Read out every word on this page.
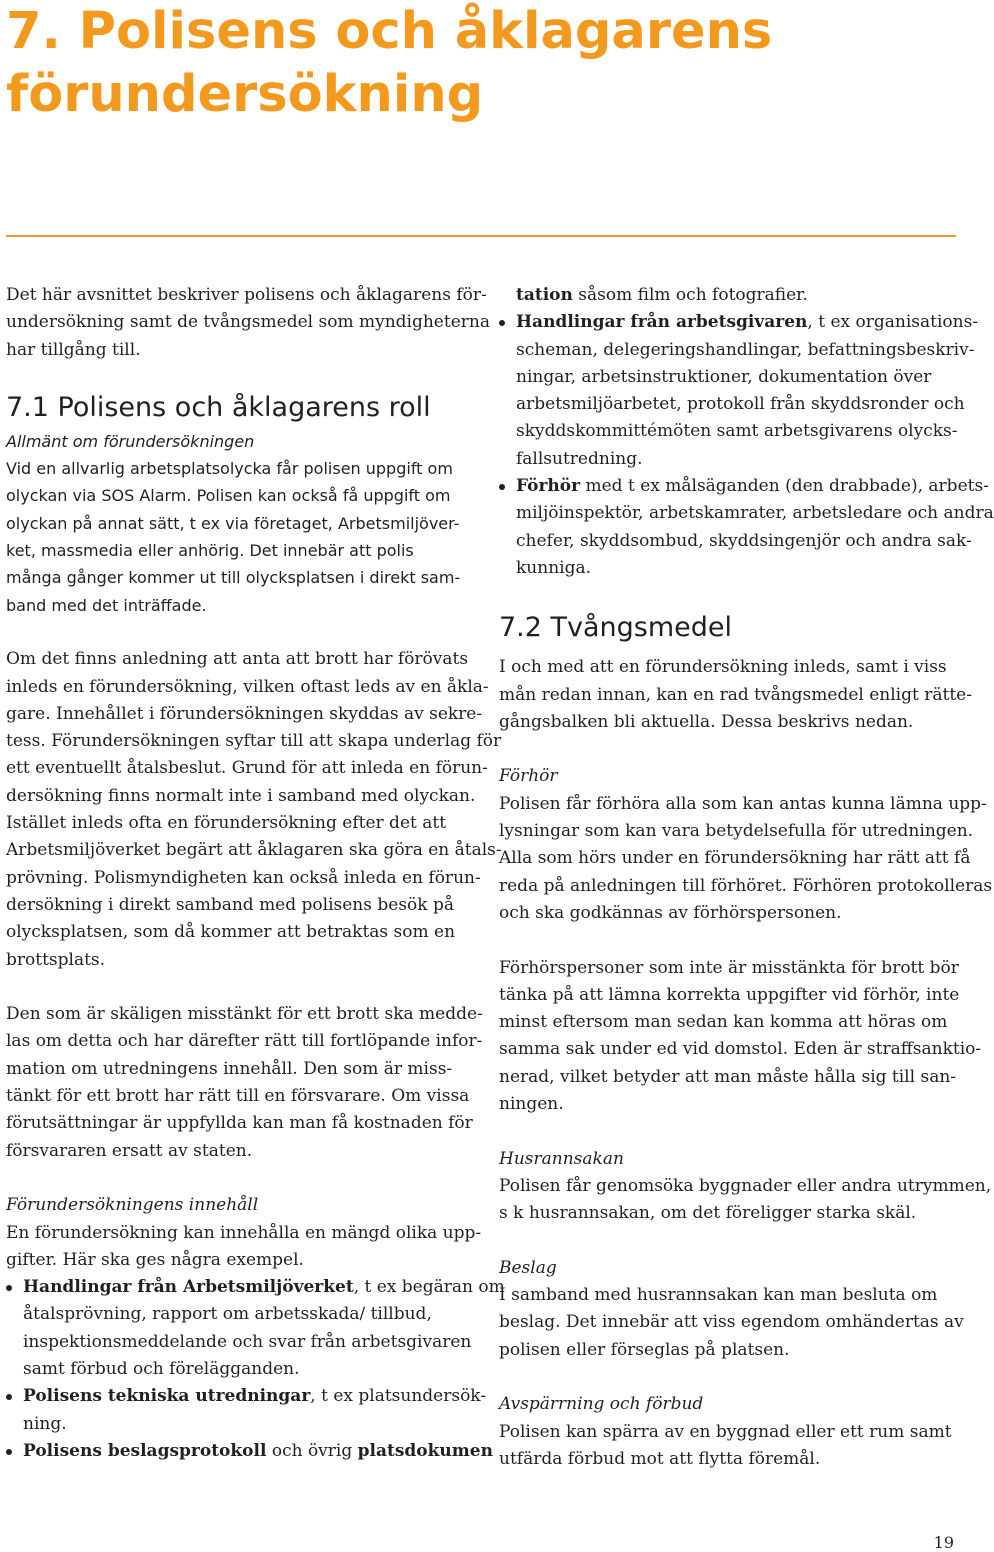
7. Polisens och åklagarens
förundersökning
Det här avsnittet beskriver polisens och åklagarens för-
undersökning samt de tvångsmedel som myndigheterna
har tillgång till.
7.1 Polisens och åklagarens roll
Allmänt om förundersökningen
Vid en allvarlig arbetsplatsolycka får polisen uppgift om
olyckan via SOS Alarm. Polisen kan också få uppgift om
olyckan på annat sätt, t ex via företaget, Arbetsmiljöver-
ket, massmedia eller anhörig. Det innebär att polis
många gånger kommer ut till olycksplatsen i direkt sam-
band med det inträffade.
Om det finns anledning att anta att brott har förövats
inleds en förundersökning, vilken oftast leds av en åkla-
gare. Innehållet i förundersökningen skyddas av sekre-
tess. Förundersökningen syftar till att skapa underlag för
ett eventuellt åtalsbeslut. Grund för att inleda en förun-
dersökning finns normalt inte i samband med olyckan.
Istället inleds ofta en förundersökning efter det att
Arbetsmiljöverket begärt att åklagaren ska göra en åtals-
prövning. Polismyndigheten kan också inleda en förun-
dersökning i direkt samband med polisens besök på
olycksplatsen, som då kommer att betraktas som en
brottsplats.
Den som är skäligen misstänkt för ett brott ska medde-
las om detta och har därefter rätt till fortlöpande infor-
mation om utredningens innehåll. Den som är miss-
tänkt för ett brott har rätt till en försvarare. Om vissa
förutsättningar är uppfyllda kan man få kostnaden för
försvararen ersatt av staten.
Förundersökningens innehåll
En förundersökning kan innehålla en mängd olika upp-
gifter. Här ska ges några exempel.
Handlingar från Arbetsmiljöverket, t ex begäran om
åtalsprövning, rapport om arbetsskada/ tillbud,
inspektionsmeddelande och svar från arbetsgivaren
samt förbud och förelägganden.
Polisens tekniska utredningar, t ex platsundersök-
ning.
Polisens beslagsprotokoll och övrig platsdokumen
tation såsom film och fotografier.
Handlingar från arbetsgivaren, t ex organisations-
scheman, delegeringshandlingar, befattningsbeskriv-
ningar, arbetsinstruktioner, dokumentation över
arbetsmiljöarbetet, protokoll från skyddsronder och
skyddskommittémöten samt arbetsgivarens olycks-
fallsutredning.
Förhör med t ex målsäganden (den drabbade), arbets-
miljöinspektör, arbetskamrater, arbetsledare och andra
chefer, skyddsombud, skyddsingenjör och andra sak-
kunniga.
7.2 Tvångsmedel
I och med att en förundersökning inleds, samt i viss
mån redan innan, kan en rad tvångsmedel enligt rätte-
gångsbalken bli aktuella. Dessa beskrivs nedan.
Förhör
Polisen får förhöra alla som kan antas kunna lämna upp-
lysningar som kan vara betydelsefulla för utredningen.
Alla som hörs under en förundersökning har rätt att få
reda på anledningen till förhöret. Förhören protokolleras
och ska godkännas av förhörspersonen.
Förhörspersoner som inte är misstänkta för brott bör
tänka på att lämna korrekta uppgifter vid förhör, inte
minst eftersom man sedan kan komma att höras om
samma sak under ed vid domstol. Eden är straffsanktio-
nerad, vilket betyder att man måste hålla sig till san-
ningen.
Husrannsakan
Polisen får genomsöka byggnader eller andra utrymmen,
s k husrannsakan, om det föreligger starka skäl.
Beslag
I samband med husrannsakan kan man besluta om
beslag. Det innebär att viss egendom omhändertas av
polisen eller förseglas på platsen.
Avspärrning och förbud
Polisen kan spärra av en byggnad eller ett rum samt
utfärda förbud mot att flytta föremål.
19
